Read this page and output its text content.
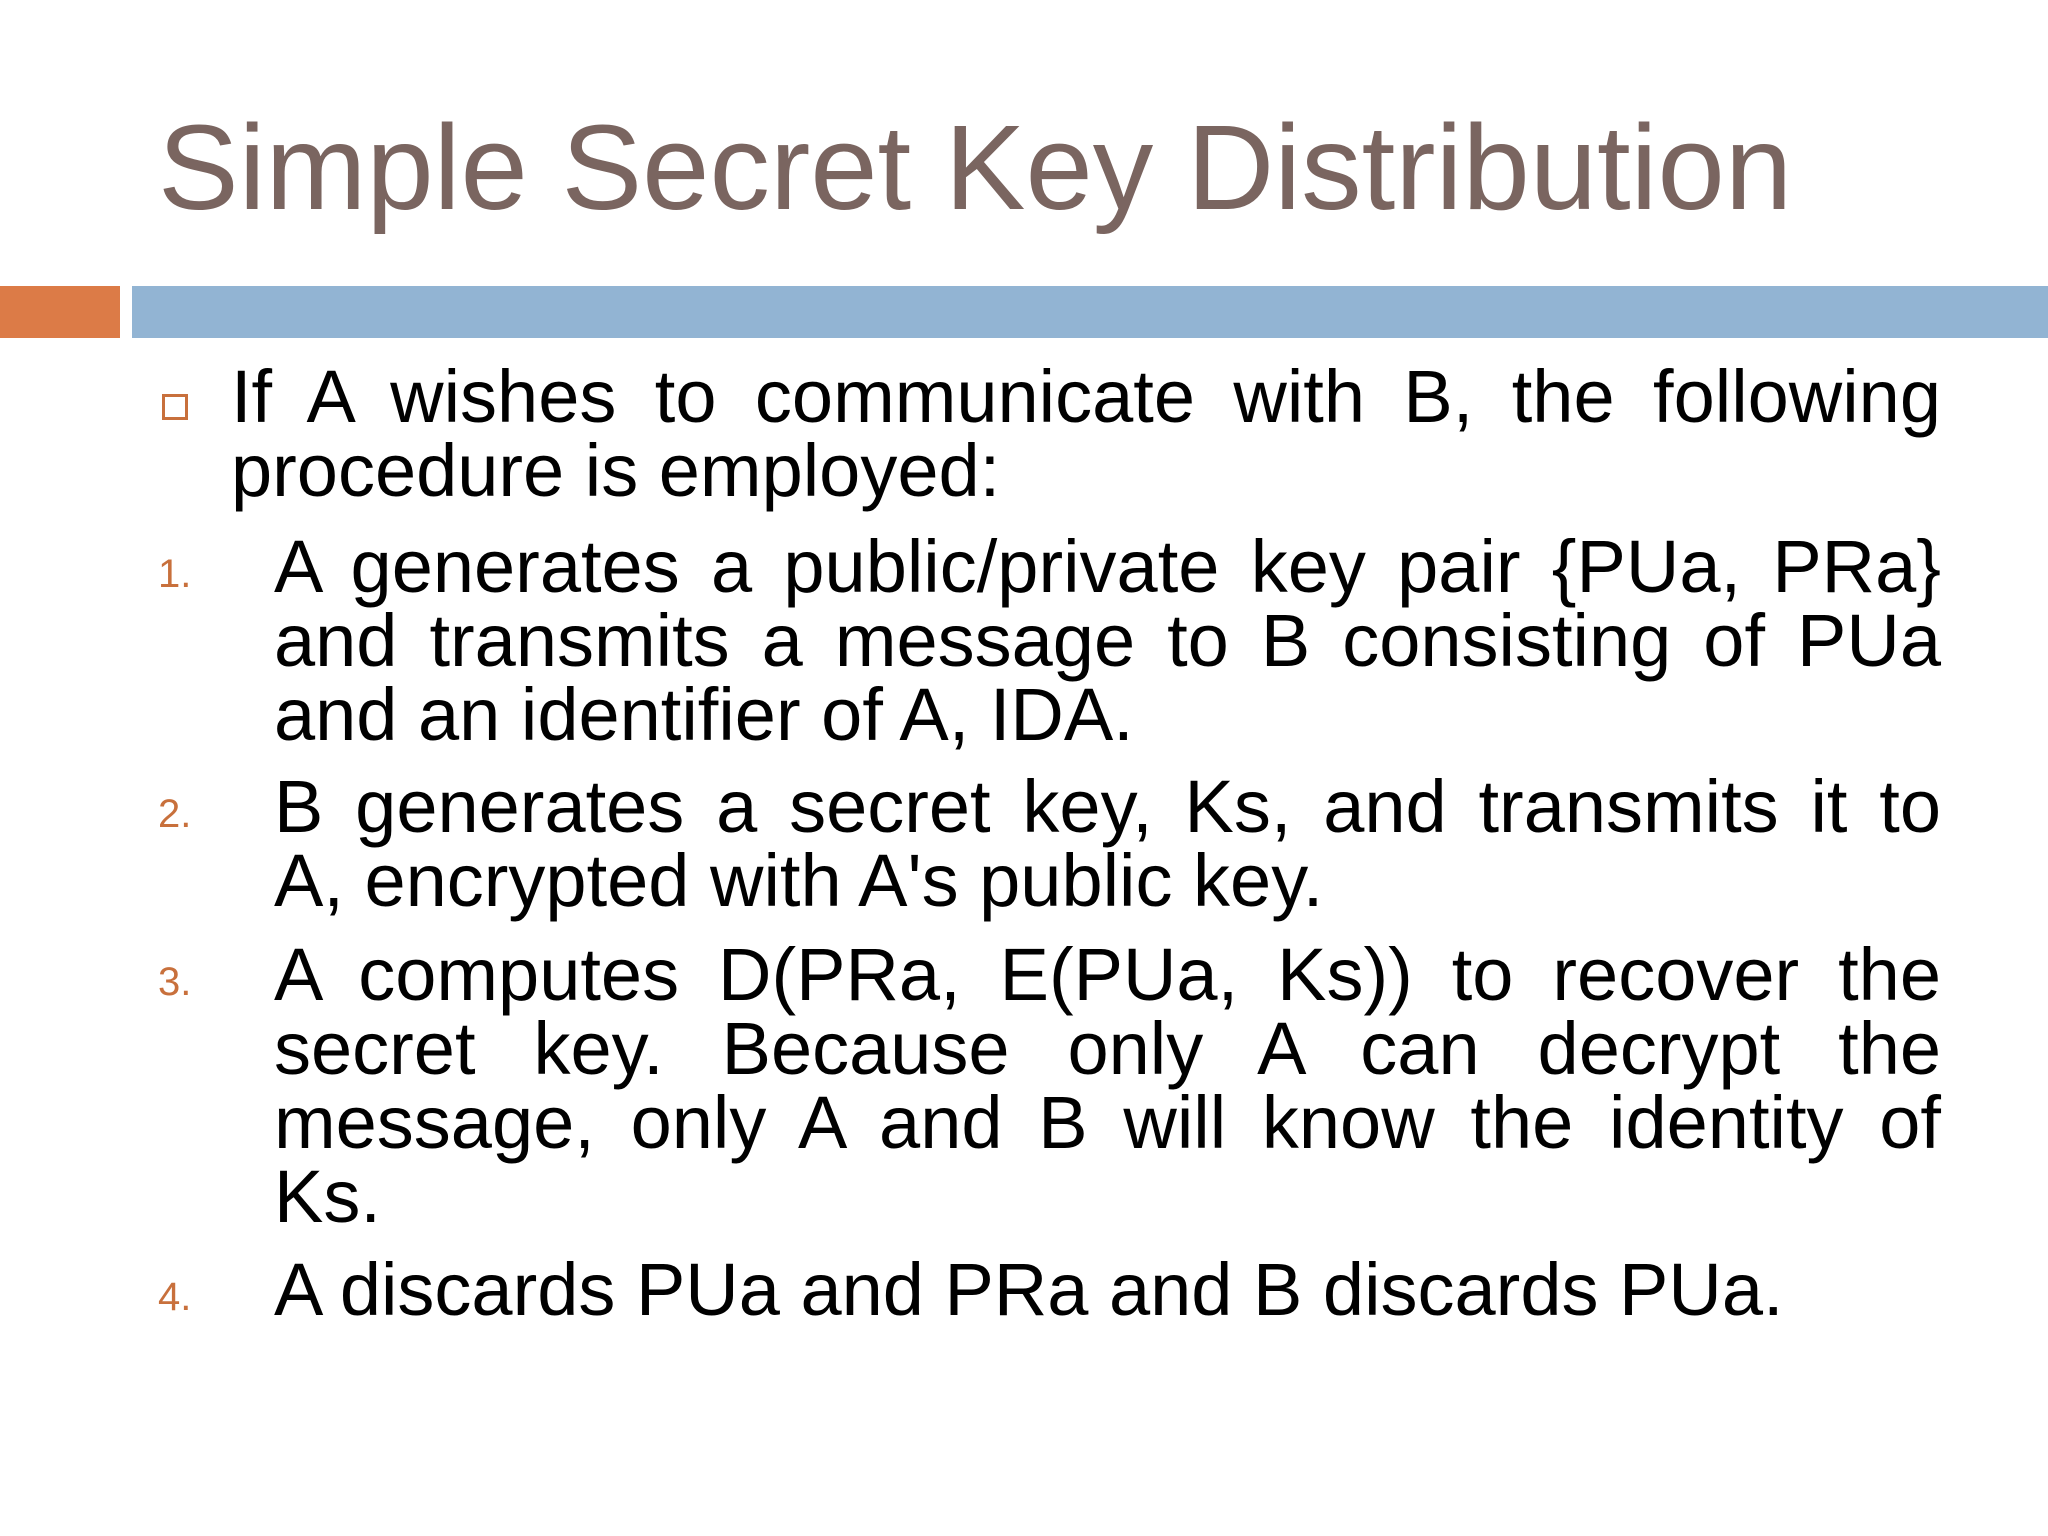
Simple Secret Key Distribution
If A wishes to communicate with B, the following
procedure is employed:
1. A generates a public/private key pair {PUa, PRa}
and transmits a message to B consisting of PUa
and an identifier of A, IDA.
2. B generates a secret key, Ks, and transmits it to
A, encrypted with A's public key.
3. A computes D(PRa, E(PUa, Ks)) to recover the
secret key. Because only A can decrypt the
message, only A and B will know the identity of
Ks.
4. A discards PUa and PRa and B discards PUa.
